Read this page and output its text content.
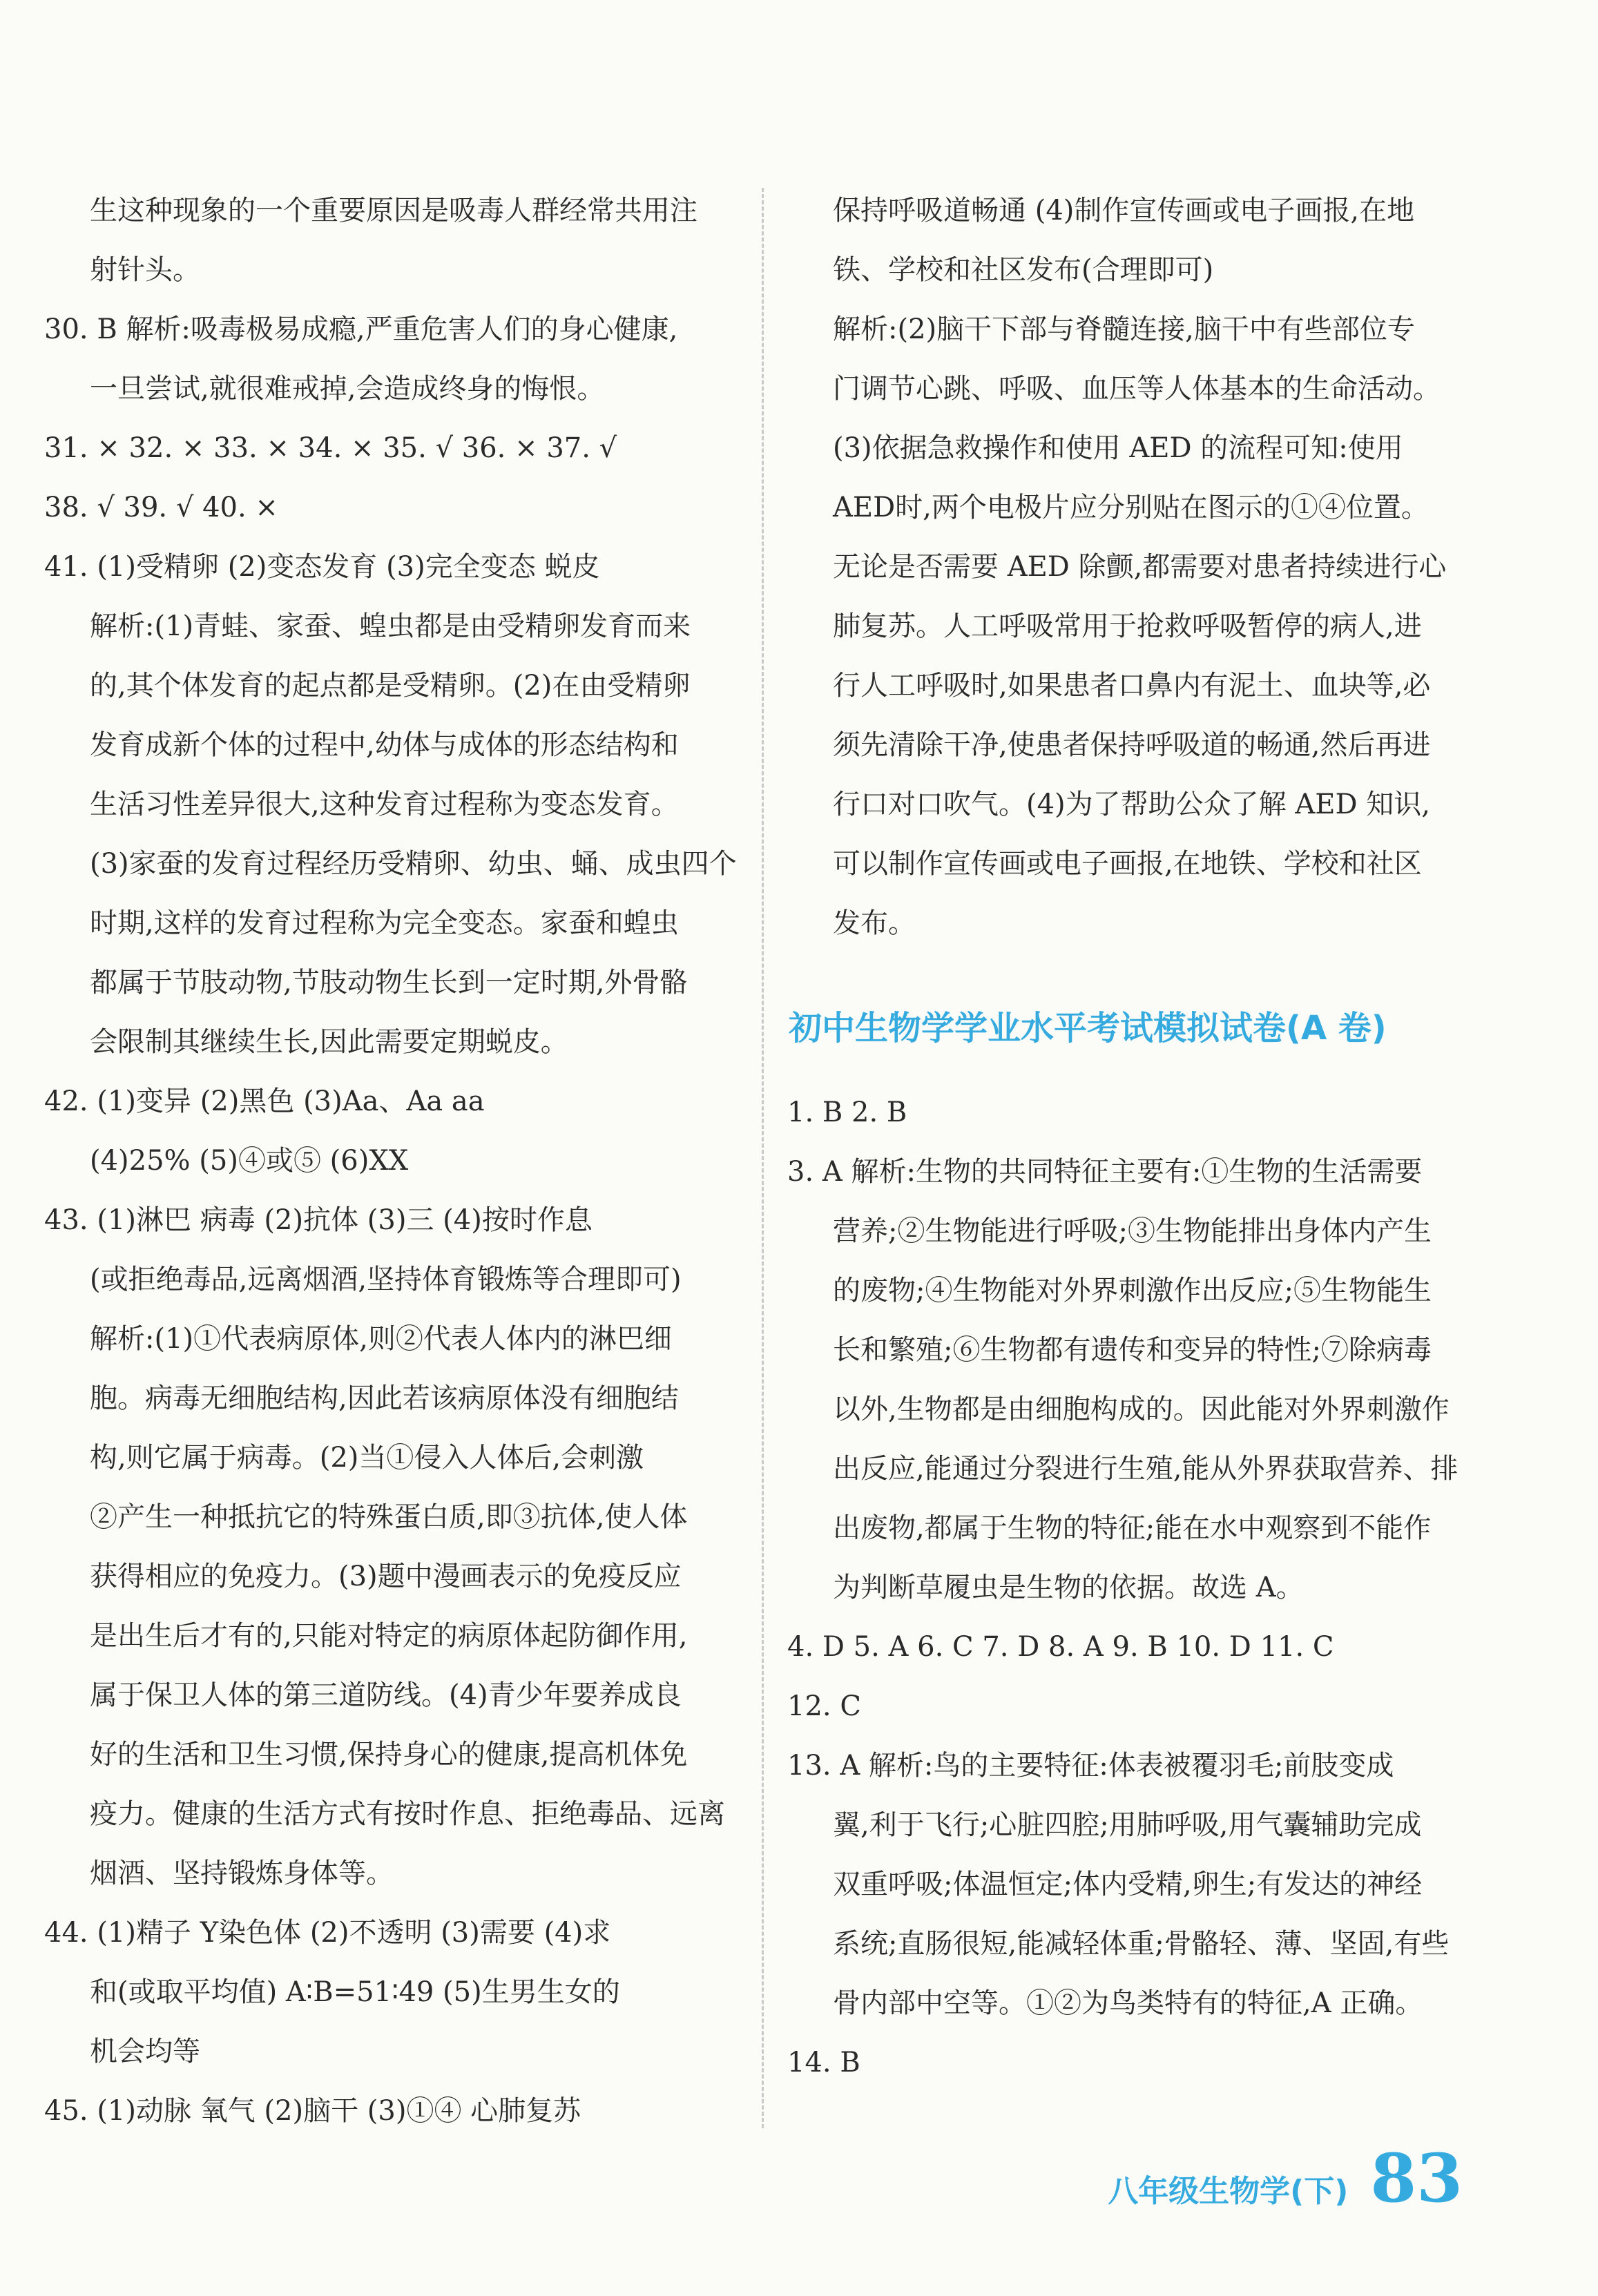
生这种现象的一个重要原因是吸毒人群经常共用注
射针头。
30. B 解析:吸毒极易成瘾,严重危害人们的身心健康,
一旦尝试,就很难戒掉,会造成终身的悔恨。
31. × 32. × 33. × 34. × 35. √ 36. × 37. √
38. √ 39. √ 40. ×
41. (1)受精卵 (2)变态发育 (3)完全变态 蜕皮
解析:(1)青蛙、家蚕、蝗虫都是由受精卵发育而来
的,其个体发育的起点都是受精卵。(2)在由受精卵
发育成新个体的过程中,幼体与成体的形态结构和
生活习性差异很大,这种发育过程称为变态发育。
(3)家蚕的发育过程经历受精卵、幼虫、蛹、成虫四个
时期,这样的发育过程称为完全变态。家蚕和蝗虫
都属于节肢动物,节肢动物生长到一定时期,外骨骼
会限制其继续生长,因此需要定期蜕皮。
42. (1)变异 (2)黑色 (3)Aa、Aa aa
(4)25% (5)④或⑤ (6)XX
43. (1)淋巴 病毒 (2)抗体 (3)三 (4)按时作息
(或拒绝毒品,远离烟酒,坚持体育锻炼等合理即可)
解析:(1)①代表病原体,则②代表人体内的淋巴细
胞。病毒无细胞结构,因此若该病原体没有细胞结
构,则它属于病毒。(2)当①侵入人体后,会刺激
②产生一种抵抗它的特殊蛋白质,即③抗体,使人体
获得相应的免疫力。(3)题中漫画表示的免疫反应
是出生后才有的,只能对特定的病原体起防御作用,
属于保卫人体的第三道防线。(4)青少年要养成良
好的生活和卫生习惯,保持身心的健康,提高机体免
疫力。健康的生活方式有按时作息、拒绝毒品、远离
烟酒、坚持锻炼身体等。
44. (1)精子 Y染色体 (2)不透明 (3)需要 (4)求
和(或取平均值) A∶B=51∶49 (5)生男生女的
机会均等
45. (1)动脉 氧气 (2)脑干 (3)①④ 心肺复苏
保持呼吸道畅通 (4)制作宣传画或电子画报,在地
铁、学校和社区发布(合理即可)
解析:(2)脑干下部与脊髓连接,脑干中有些部位专
门调节心跳、呼吸、血压等人体基本的生命活动。
(3)依据急救操作和使用 AED 的流程可知:使用
AED时,两个电极片应分别贴在图示的①④位置。
无论是否需要 AED 除颤,都需要对患者持续进行心
肺复苏。人工呼吸常用于抢救呼吸暂停的病人,进
行人工呼吸时,如果患者口鼻内有泥土、血块等,必
须先清除干净,使患者保持呼吸道的畅通,然后再进
行口对口吹气。(4)为了帮助公众了解 AED 知识,
可以制作宣传画或电子画报,在地铁、学校和社区
发布。
初中生物学学业水平考试模拟试卷(A 卷)
1. B 2. B
3. A 解析:生物的共同特征主要有:①生物的生活需要
营养;②生物能进行呼吸;③生物能排出身体内产生
的废物;④生物能对外界刺激作出反应;⑤生物能生
长和繁殖;⑥生物都有遗传和变异的特性;⑦除病毒
以外,生物都是由细胞构成的。因此能对外界刺激作
出反应,能通过分裂进行生殖,能从外界获取营养、排
出废物,都属于生物的特征;能在水中观察到不能作
为判断草履虫是生物的依据。故选 A。
4. D 5. A 6. C 7. D 8. A 9. B 10. D 11. C
12. C
13. A 解析:鸟的主要特征:体表被覆羽毛;前肢变成
翼,利于飞行;心脏四腔;用肺呼吸,用气囊辅助完成
双重呼吸;体温恒定;体内受精,卵生;有发达的神经
系统;直肠很短,能减轻体重;骨骼轻、薄、坚固,有些
骨内部中空等。①②为鸟类特有的特征,A 正确。
14. B
八年级生物学(下) 83
